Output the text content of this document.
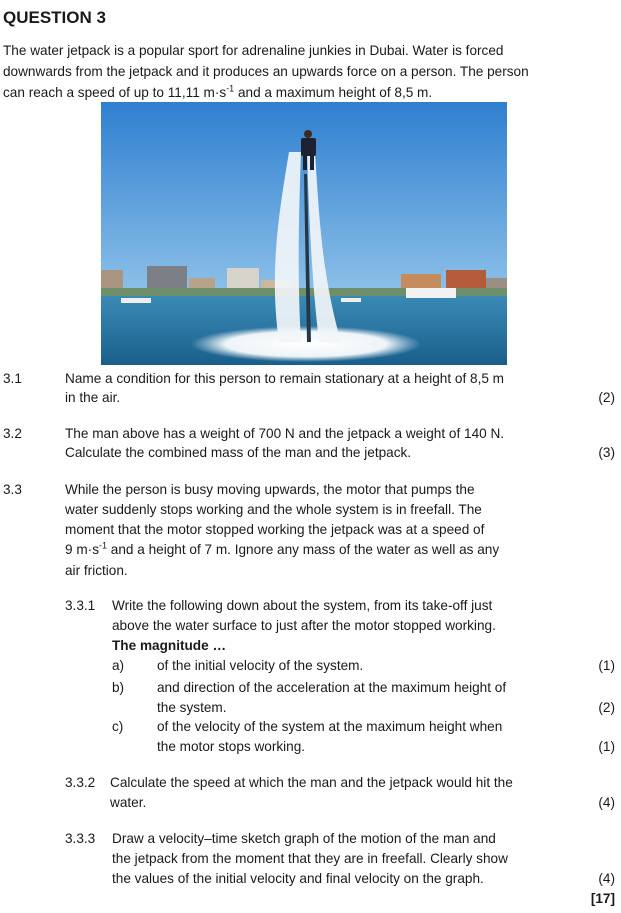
QUESTION 3
The water jetpack is a popular sport for adrenaline junkies in Dubai. Water is forced
downwards from the jetpack and it produces an upwards force on a person. The person
can reach a speed of up to 11,11 $m\cdot s^{-1}$ and a maximum height of 8,5 m.
3.1	Name a condition for this person to remain stationary at a height of 8,5 m
in the air.	(2)
3.2	The man above has a weight of 700 N and the jetpack a weight of 140 N.
Calculate the combined mass of the man and the jetpack.	(3)
3.3	While the person is busy moving upwards, the motor that pumps the
water suddenly stops working and the whole system is in freefall. The
moment that the motor stopped working the jetpack was at a speed of
9 $m\cdot s^{-1}$ and a height of 7 m. Ignore any mass of the water as well as any
air friction.
3.3.1 Write the following down about the system, from its take-off just
above the water surface to just after the motor stopped working.
The magnitude …
a) of the initial velocity of the system.	(1)
b) and direction of the acceleration at the maximum height of
the system.	(2)
c) of the velocity of the system at the maximum height when
the motor stops working.	(1)
3.3.2 Calculate the speed at which the man and the jetpack would hit the
water.	(4)
3.3.3 Draw a velocity–time sketch graph of the motion of the man and
the jetpack from the moment that they are in freefall. Clearly show
the values of the initial velocity and final velocity on the graph.	(4)
[17]
